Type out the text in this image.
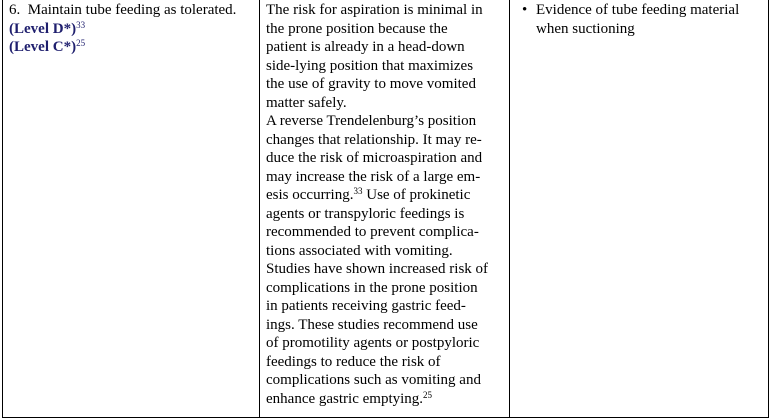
6. Maintain tube feeding as tolerated.
(Level D*)$^{33}$
(Level C*)$^{25}$
The risk for aspiration is minimal in
the prone position because the
patient is already in a head-down
side-lying position that maximizes
the use of gravity to move vomited
matter safely.
A reverse Trendelenburg’s position
changes that relationship. It may re-
duce the risk of microaspiration and
may increase the risk of a large em-
esis occurring.$^{33}$ Use of prokinetic
agents or transpyloric feedings is
recommended to prevent complica-
tions associated with vomiting.
Studies have shown increased risk of
complications in the prone position
in patients receiving gastric feed-
ings. These studies recommend use
of promotility agents or postpyloric
feedings to reduce the risk of
complications such as vomiting and
enhance gastric emptying.$^{25}$
• Evidence of tube feeding material
when suctioning
